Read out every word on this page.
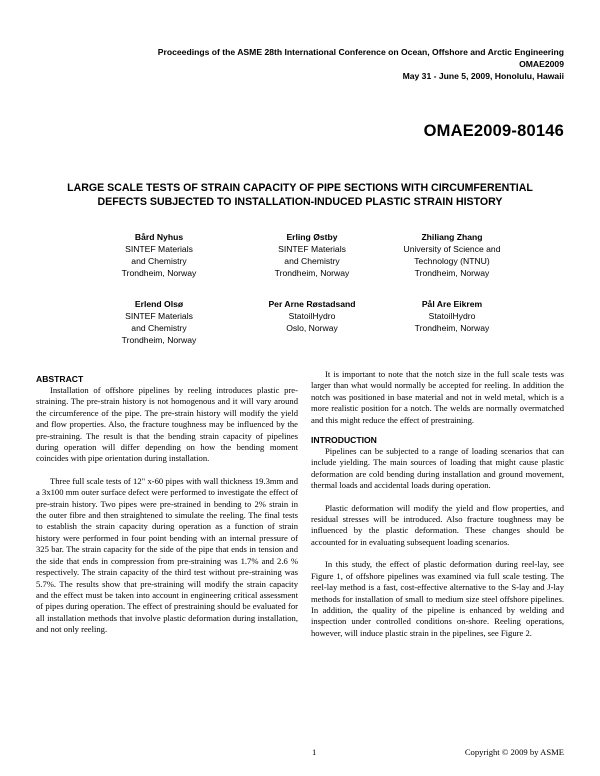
Proceedings of the ASME 28th International Conference on Ocean, Offshore and Arctic Engineering
OMAE2009
May 31 - June 5, 2009, Honolulu, Hawaii
OMAE2009-80146
LARGE SCALE TESTS OF STRAIN CAPACITY OF PIPE SECTIONS WITH CIRCUMFERENTIAL
DEFECTS SUBJECTED TO INSTALLATION-INDUCED PLASTIC STRAIN HISTORY
Bård Nyhus
SINTEF Materials
and Chemistry
Trondheim, Norway
Erling Østby
SINTEF Materials
and Chemistry
Trondheim, Norway
Zhiliang Zhang
University of Science and
Technology (NTNU)
Trondheim, Norway
Erlend Olsø
SINTEF Materials
and Chemistry
Trondheim, Norway
Per Arne Røstadsand
StatoilHydro
Oslo, Norway
Pål Are Eikrem
StatoilHydro
Trondheim, Norway
ABSTRACT

Installation of offshore pipelines by reeling introduces plastic pre-straining. The pre-strain history is not homogenous and it will vary around the circumference of the pipe. The pre-strain history will modify the yield and flow properties. Also, the fracture toughness may be influenced by the pre-straining. The result is that the bending strain capacity of pipelines during operation will differ depending on how the bending moment coincides with pipe orientation during installation.

Three full scale tests of 12" x-60 pipes with wall thickness 19.3mm and a 3x100 mm outer surface defect were performed to investigate the effect of pre-strain history. Two pipes were pre-strained in bending to 2% strain in the outer fibre and then straightened to simulate the reeling. The final tests to establish the strain capacity during operation as a function of strain history were performed in four point bending with an internal pressure of 325 bar. The strain capacity for the side of the pipe that ends in tension and the side that ends in compression from pre-straining was 1.7% and 2.6 % respectively. The strain capacity of the third test without pre-straining was 5.7%. The results show that pre-straining will modify the strain capacity and the effect must be taken into account in engineering critical assessment of pipes during operation. The effect of prestraining should be evaluated for all installation methods that involve plastic deformation during installation, and not only reeling.

It is important to note that the notch size in the full scale tests was larger than what would normally be accepted for reeling. In addition the notch was positioned in base material and not in weld metal, which is a more realistic position for a notch. The welds are normally overmatched and this might reduce the effect of prestraining.

INTRODUCTION

Pipelines can be subjected to a range of loading scenarios that can include yielding. The main sources of loading that might cause plastic deformation are cold bending during installation and ground movement, thermal loads and accidental loads during operation.

Plastic deformation will modify the yield and flow properties, and residual stresses will be introduced. Also fracture toughness may be influenced by the plastic deformation. These changes should be accounted for in evaluating subsequent loading scenarios.

In this study, the effect of plastic deformation during reel-lay, see Figure 1, of offshore pipelines was examined via full scale testing. The reel-lay method is a fast, cost-effective alternative to the S-lay and J-lay methods for installation of small to medium size steel offshore pipelines. In addition, the quality of the pipeline is enhanced by welding and inspection under controlled conditions on-shore. Reeling operations, however, will induce plastic strain in the pipelines, see Figure 2.

1	Copyright © 2009 by ASME
